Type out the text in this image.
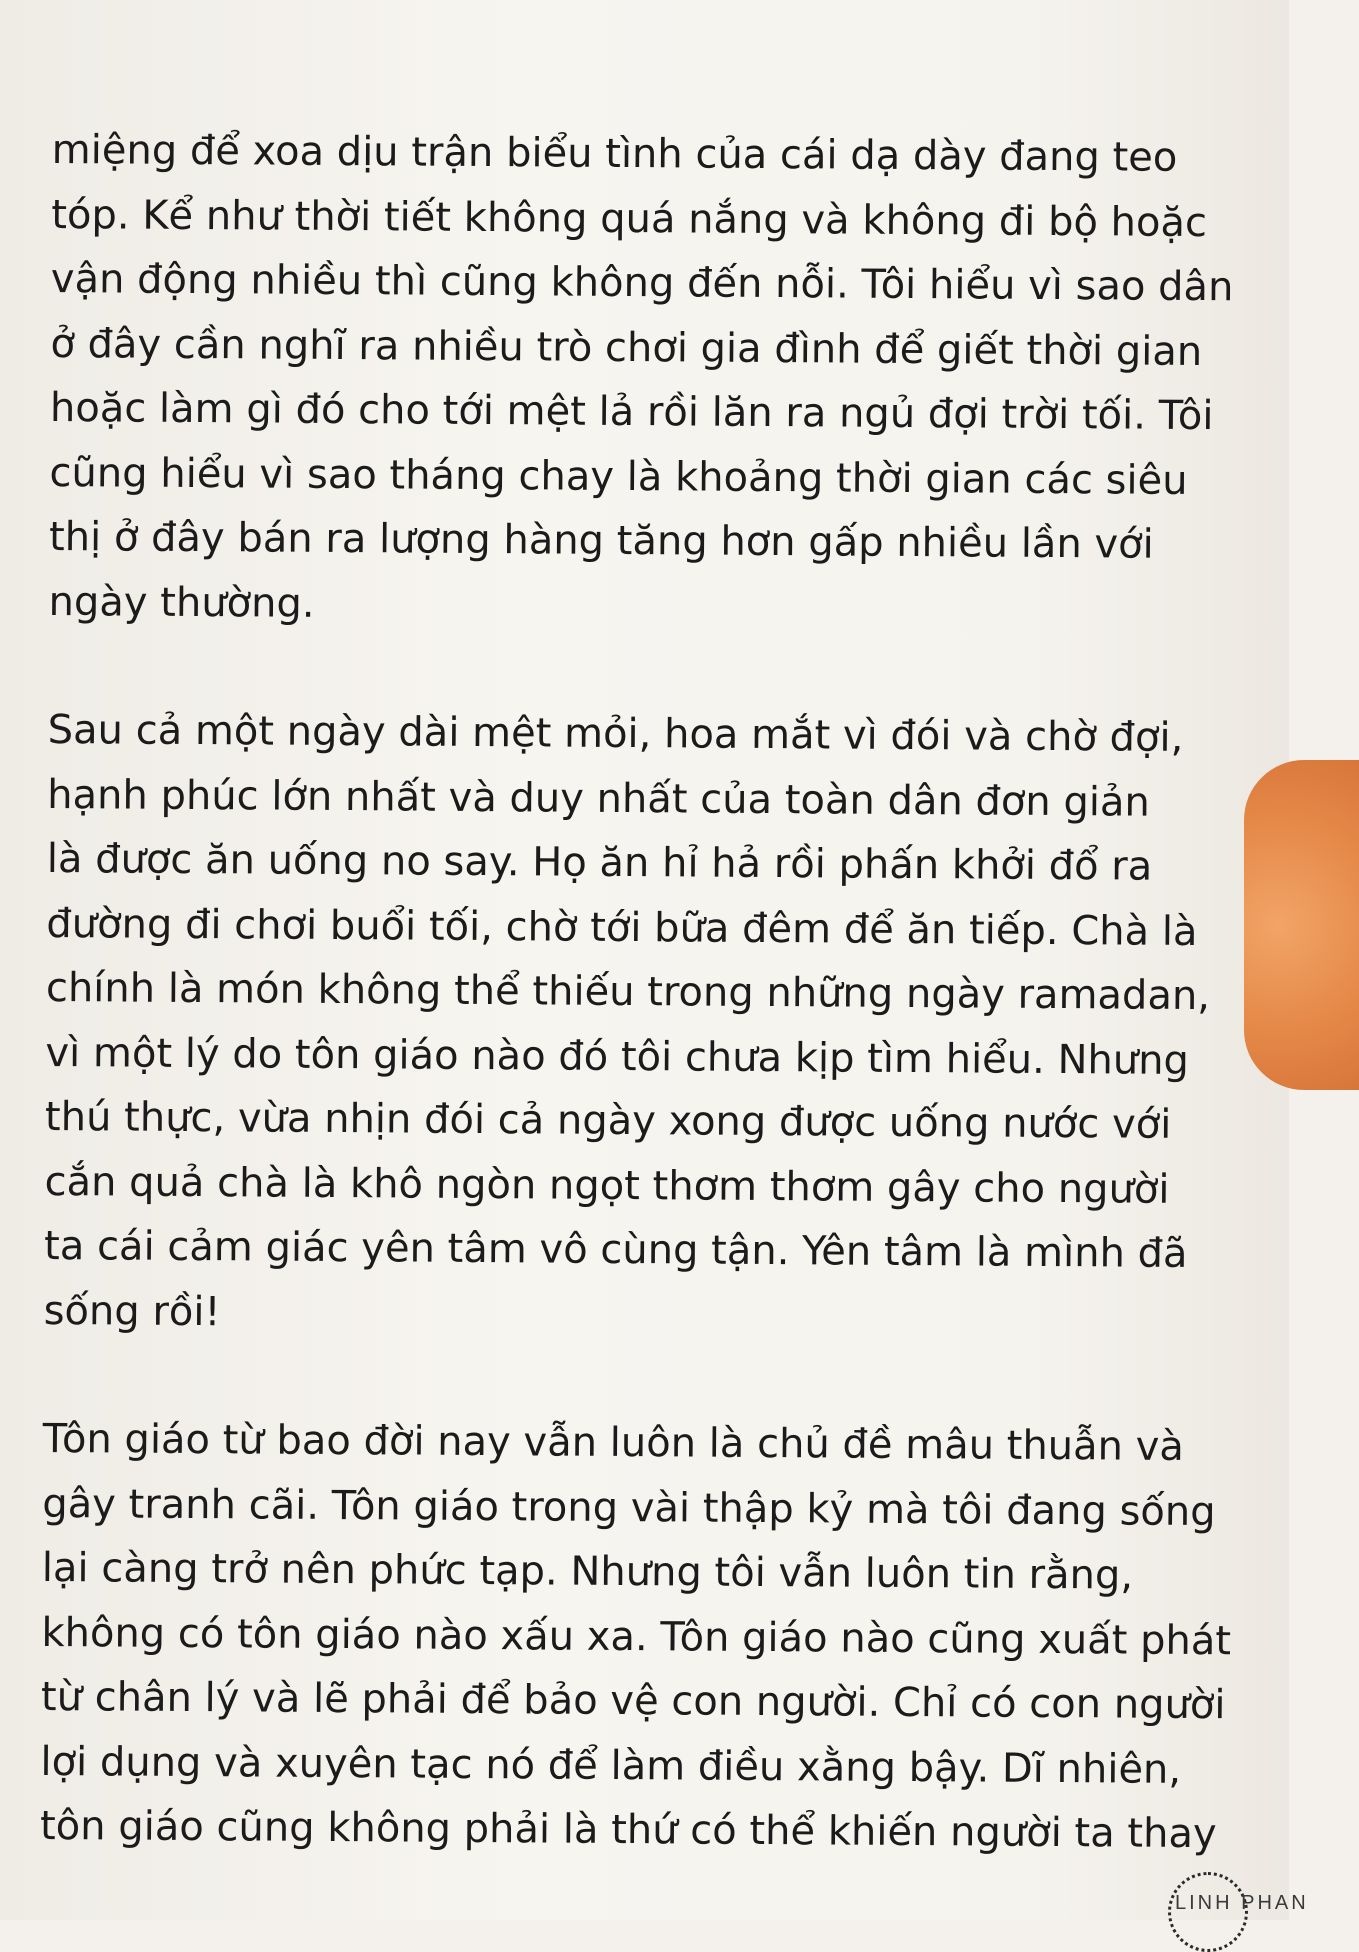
miệng để xoa dịu trận biểu tình của cái dạ dày đang teo
tóp. Kể như thời tiết không quá nắng và không đi bộ hoặc
vận động nhiều thì cũng không đến nỗi. Tôi hiểu vì sao dân
ở đây cần nghĩ ra nhiều trò chơi gia đình để giết thời gian
hoặc làm gì đó cho tới mệt lả rồi lăn ra ngủ đợi trời tối. Tôi
cũng hiểu vì sao tháng chay là khoảng thời gian các siêu
thị ở đây bán ra lượng hàng tăng hơn gấp nhiều lần với
ngày thường.
Sau cả một ngày dài mệt mỏi, hoa mắt vì đói và chờ đợi,
hạnh phúc lớn nhất và duy nhất của toàn dân đơn giản
là được ăn uống no say. Họ ăn hỉ hả rồi phấn khởi đổ ra
đường đi chơi buổi tối, chờ tới bữa đêm để ăn tiếp. Chà là
chính là món không thể thiếu trong những ngày ramadan,
vì một lý do tôn giáo nào đó tôi chưa kịp tìm hiểu. Nhưng
thú thực, vừa nhịn đói cả ngày xong được uống nước với
cắn quả chà là khô ngòn ngọt thơm thơm gây cho người
ta cái cảm giác yên tâm vô cùng tận. Yên tâm là mình đã
sống rồi!
Tôn giáo từ bao đời nay vẫn luôn là chủ đề mâu thuẫn và
gây tranh cãi. Tôn giáo trong vài thập kỷ mà tôi đang sống
lại càng trở nên phức tạp. Nhưng tôi vẫn luôn tin rằng,
không có tôn giáo nào xấu xa. Tôn giáo nào cũng xuất phát
từ chân lý và lẽ phải để bảo vệ con người. Chỉ có con người
lợi dụng và xuyên tạc nó để làm điều xằng bậy. Dĩ nhiên,
tôn giáo cũng không phải là thứ có thể khiến người ta thay
LINH PHAN
